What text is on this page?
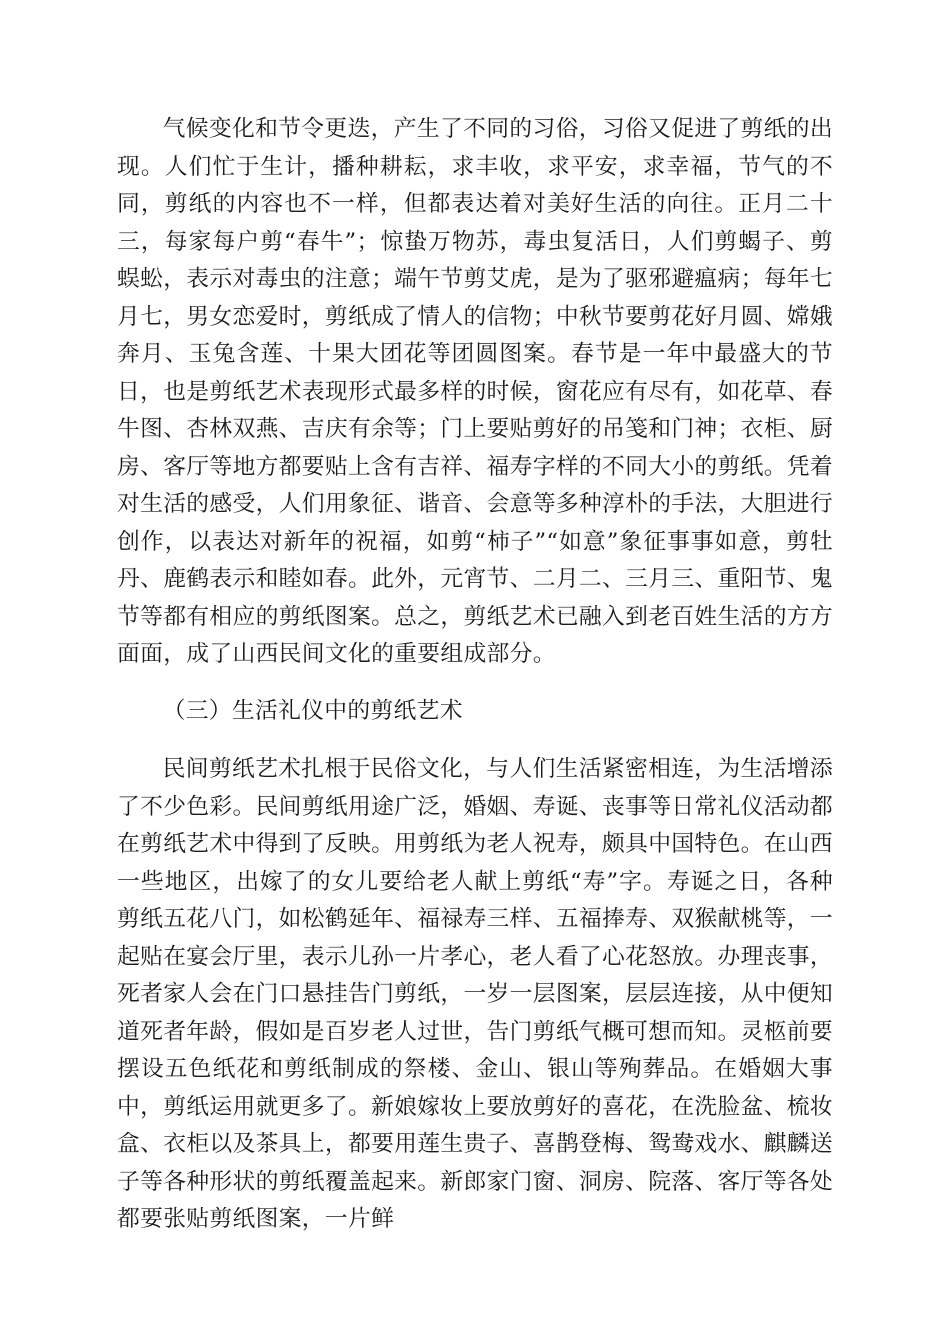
气候变化和节令更迭，产生了不同的习俗，习俗又促进了剪纸的出现。人们忙于生计，播种耕耘，求丰收，求平安，求幸福，节气的不同，剪纸的内容也不一样，但都表达着对美好生活的向往。正月二十三，每家每户剪“春牛”；惊蛰万物苏，毒虫复活日，人们剪蝎子、剪蜈蚣，表示对毒虫的注意；端午节剪艾虎，是为了驱邪避瘟病；每年七月七，男女恋爱时，剪纸成了情人的信物；中秋节要剪花好月圆、嫦娥奔月、玉兔含莲、十果大团花等团圆图案。春节是一年中最盛大的节日，也是剪纸艺术表现形式最多样的时候，窗花应有尽有，如花草、春牛图、杏林双燕、吉庆有余等；门上要贴剪好的吊笺和门神；衣柜、厨房、客厅等地方都要贴上含有吉祥、福寿字样的不同大小的剪纸。凭着对生活的感受，人们用象征、谐音、会意等多种淳朴的手法，大胆进行创作，以表达对新年的祝福，如剪“柿子”“如意”象征事事如意，剪牡丹、鹿鹤表示和睦如春。此外，元宵节、二月二、三月三、重阳节、鬼节等都有相应的剪纸图案。总之，剪纸艺术已融入到老百姓生活的方方面面，成了山西民间文化的重要组成部分。

（三）生活礼仪中的剪纸艺术

民间剪纸艺术扎根于民俗文化，与人们生活紧密相连，为生活增添了不少色彩。民间剪纸用途广泛，婚姻、寿诞、丧事等日常礼仪活动都在剪纸艺术中得到了反映。用剪纸为老人祝寿，颇具中国特色。在山西一些地区，出嫁了的女儿要给老人献上剪纸“寿”字。寿诞之日，各种剪纸五花八门，如松鹤延年、福禄寿三样、五福捧寿、双猴献桃等，一起贴在宴会厅里，表示儿孙一片孝心，老人看了心花怒放。办理丧事，死者家人会在门口悬挂告门剪纸，一岁一层图案，层层连接，从中便知道死者年龄，假如是百岁老人过世，告门剪纸气概可想而知。灵柩前要摆设五色纸花和剪纸制成的祭楼、金山、银山等殉葬品。在婚姻大事中，剪纸运用就更多了。新娘嫁妆上要放剪好的喜花，在洗脸盆、梳妆盒、衣柜以及茶具上，都要用莲生贵子、喜鹊登梅、鸳鸯戏水、麒麟送子等各种形状的剪纸覆盖起来。新郎家门窗、洞房、院落、客厅等各处都要张贴剪纸图案，一片鲜
